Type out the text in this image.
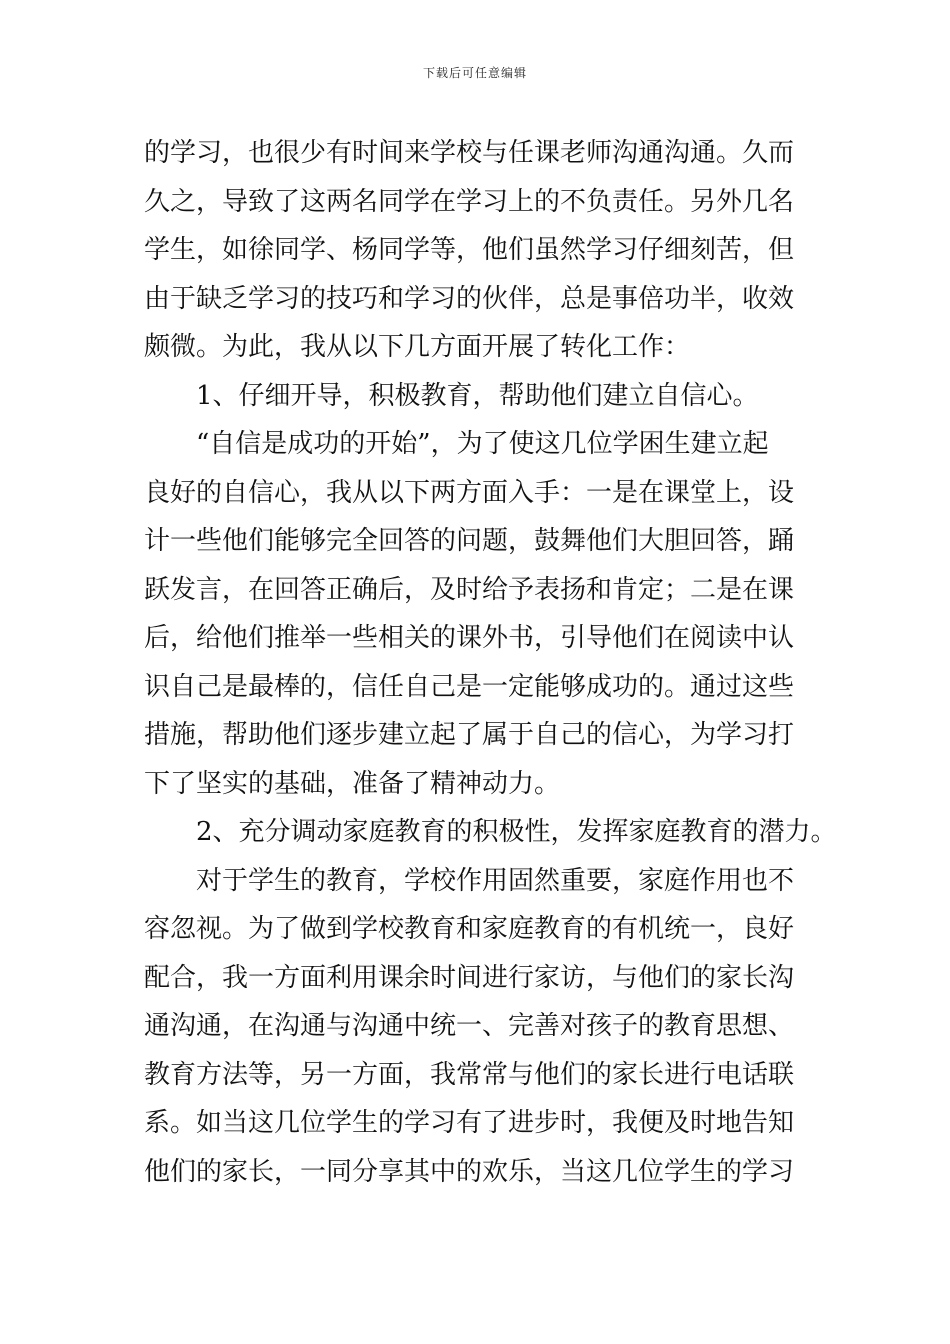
下载后可任意编辑
的学习，也很少有时间来学校与任课老师沟通沟通。久而
久之，导致了这两名同学在学习上的不负责任。另外几名
学生，如徐同学、杨同学等，他们虽然学习仔细刻苦，但
由于缺乏学习的技巧和学习的伙伴，总是事倍功半，收效
颇微。为此，我从以下几方面开展了转化工作：
1、仔细开导，积极教育，帮助他们建立自信心。
“自信是成功的开始”，为了使这几位学困生建立起
良好的自信心，我从以下两方面入手：一是在课堂上，设
计一些他们能够完全回答的问题，鼓舞他们大胆回答，踊
跃发言，在回答正确后，及时给予表扬和肯定；二是在课
后，给他们推举一些相关的课外书，引导他们在阅读中认
识自己是最棒的，信任自己是一定能够成功的。通过这些
措施，帮助他们逐步建立起了属于自己的信心，为学习打
下了坚实的基础，准备了精神动力。
2、充分调动家庭教育的积极性，发挥家庭教育的潜力。
对于学生的教育，学校作用固然重要，家庭作用也不
容忽视。为了做到学校教育和家庭教育的有机统一，良好
配合，我一方面利用课余时间进行家访，与他们的家长沟
通沟通，在沟通与沟通中统一、完善对孩子的教育思想、
教育方法等，另一方面，我常常与他们的家长进行电话联
系。如当这几位学生的学习有了进步时，我便及时地告知
他们的家长，一同分享其中的欢乐，当这几位学生的学习
